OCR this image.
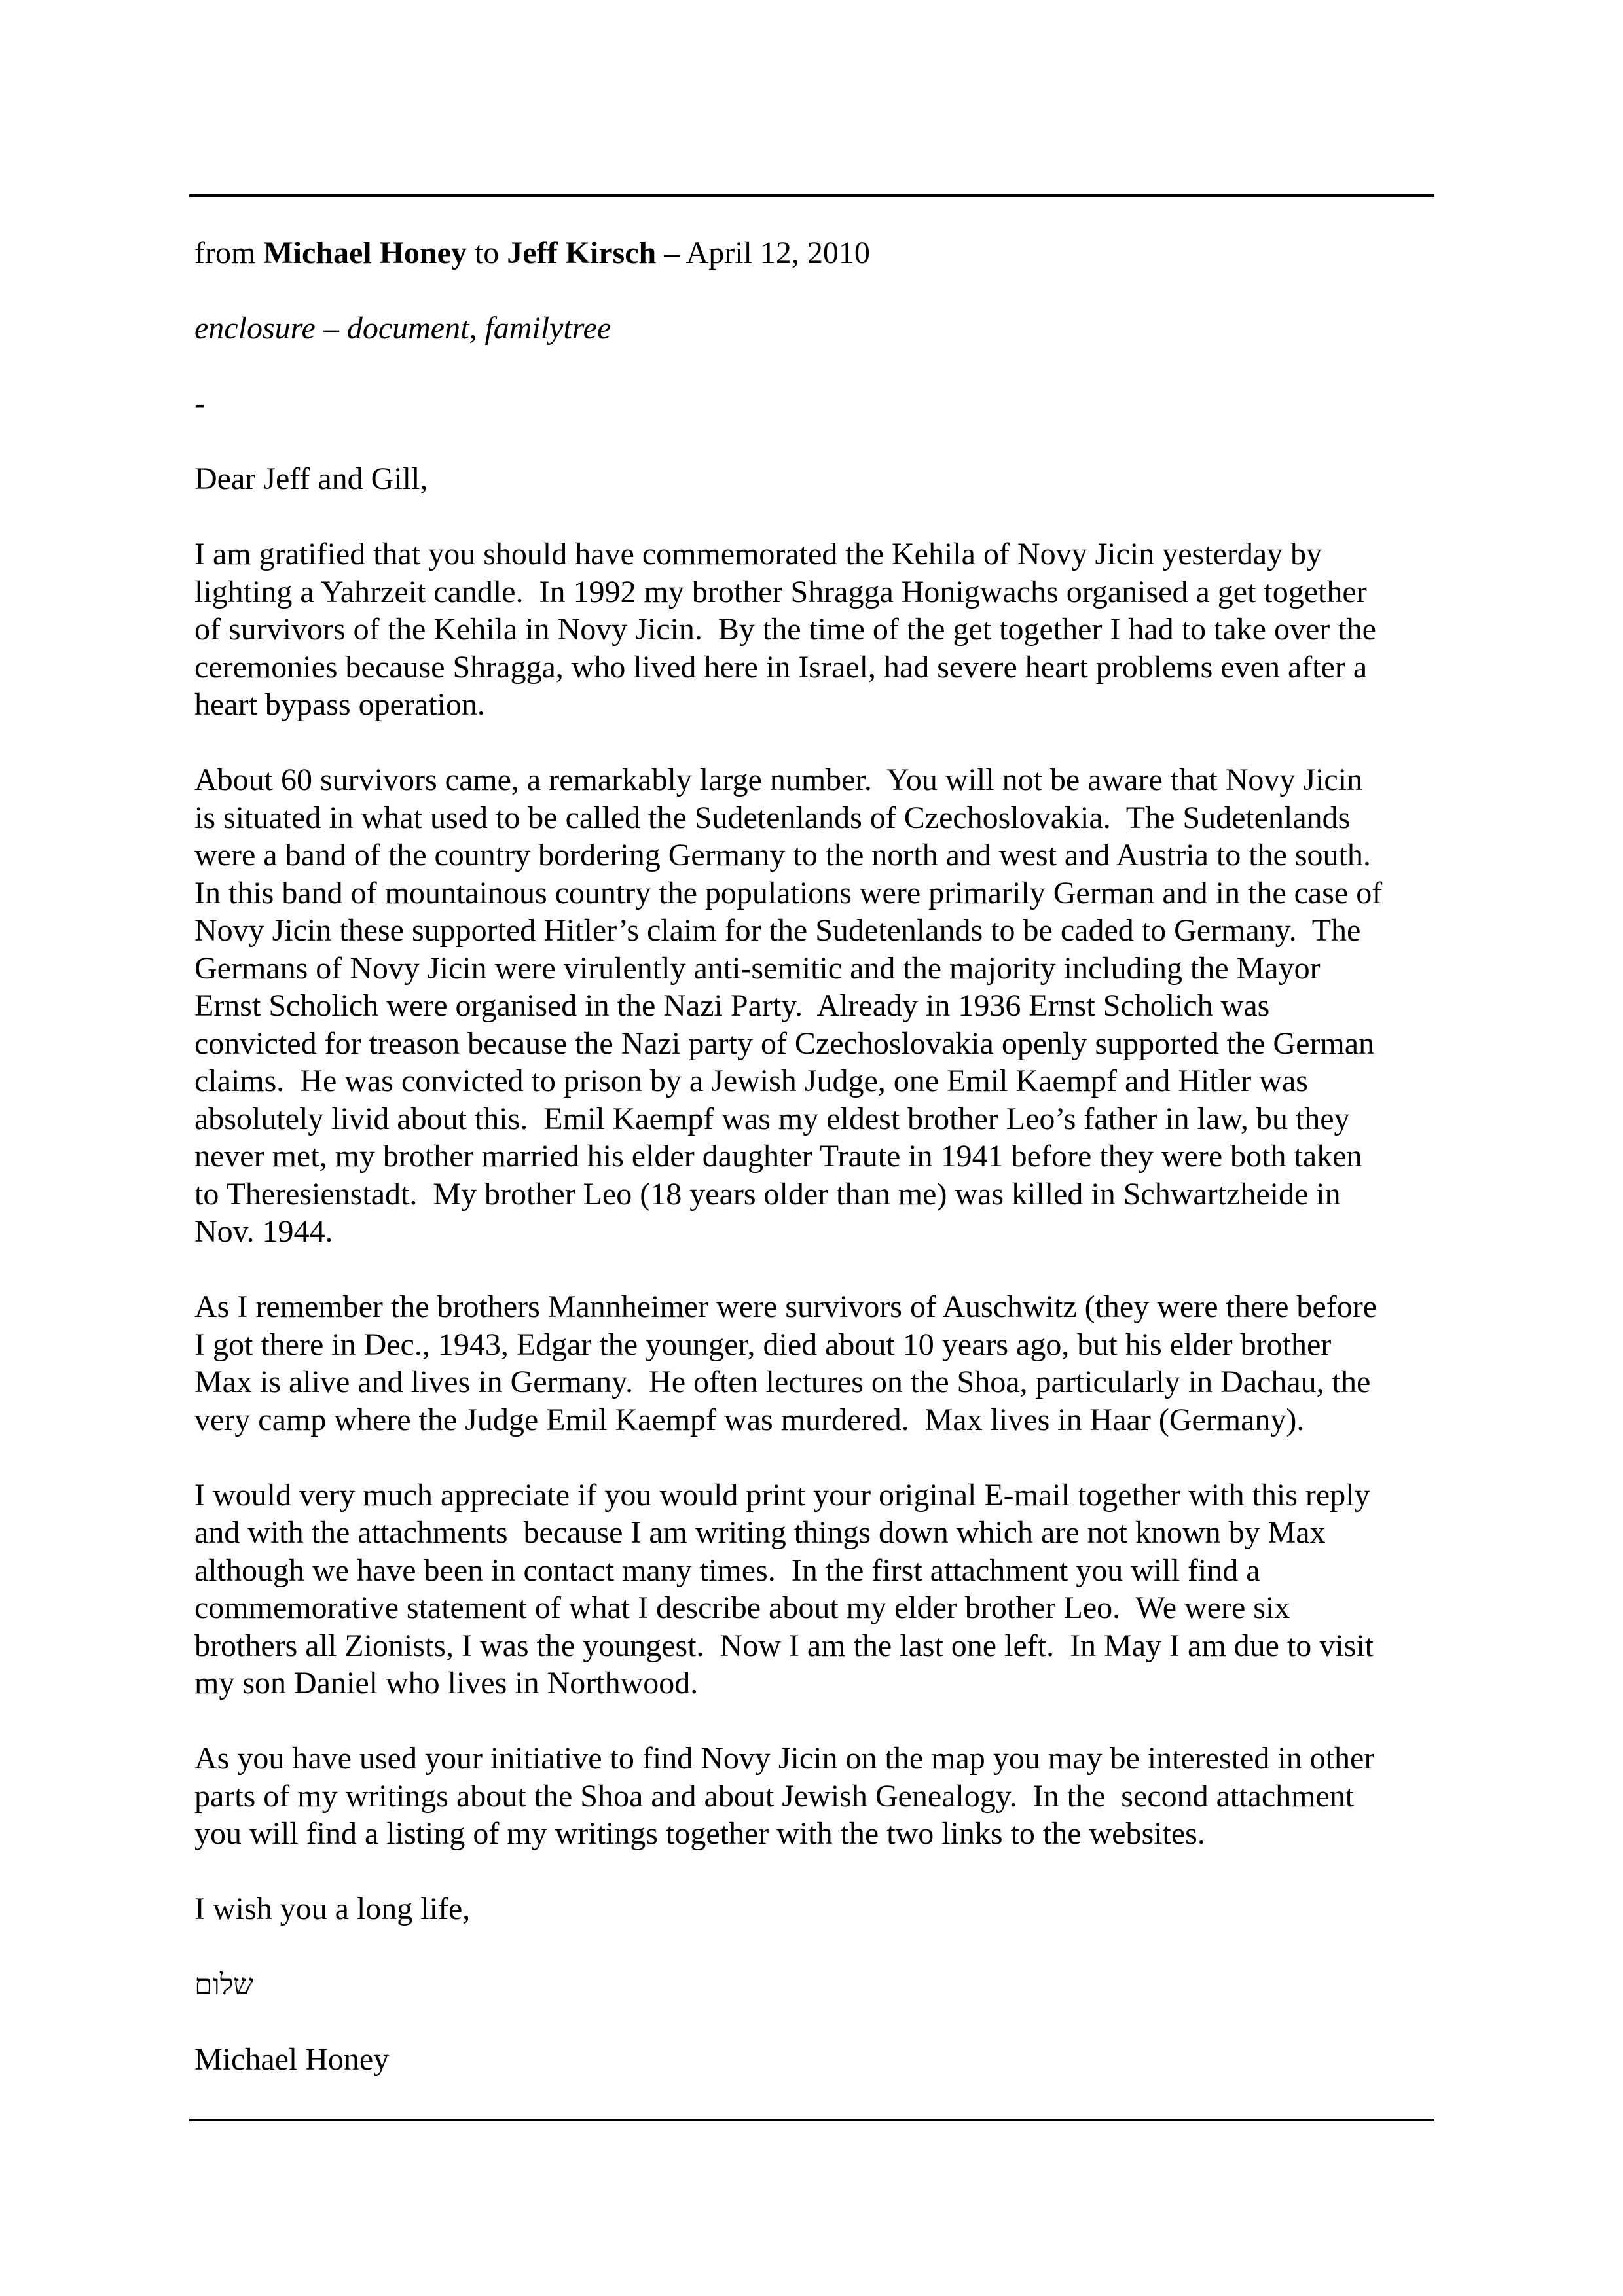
from Michael Honey to Jeff Kirsch – April 12, 2010
enclosure – document, familytree
-
Dear Jeff and Gill,
I am gratified that you should have commemorated the Kehila of Novy Jicin yesterday by
lighting a Yahrzeit candle.  In 1992 my brother Shragga Honigwachs organised a get together
of survivors of the Kehila in Novy Jicin.  By the time of the get together I had to take over the
ceremonies because Shragga, who lived here in Israel, had severe heart problems even after a
heart bypass operation.
About 60 survivors came, a remarkably large number.  You will not be aware that Novy Jicin
is situated in what used to be called the Sudetenlands of Czechoslovakia.  The Sudetenlands
were a band of the country bordering Germany to the north and west and Austria to the south.
In this band of mountainous country the populations were primarily German and in the case of
Novy Jicin these supported Hitler’s claim for the Sudetenlands to be caded to Germany.  The
Germans of Novy Jicin were virulently anti-semitic and the majority including the Mayor
Ernst Scholich were organised in the Nazi Party.  Already in 1936 Ernst Scholich was
convicted for treason because the Nazi party of Czechoslovakia openly supported the German
claims.  He was convicted to prison by a Jewish Judge, one Emil Kaempf and Hitler was
absolutely livid about this.  Emil Kaempf was my eldest brother Leo’s father in law, bu they
never met, my brother married his elder daughter Traute in 1941 before they were both taken
to Theresienstadt.  My brother Leo (18 years older than me) was killed in Schwartzheide in
Nov. 1944.
As I remember the brothers Mannheimer were survivors of Auschwitz (they were there before
I got there in Dec., 1943, Edgar the younger, died about 10 years ago, but his elder brother
Max is alive and lives in Germany.  He often lectures on the Shoa, particularly in Dachau, the
very camp where the Judge Emil Kaempf was murdered.  Max lives in Haar (Germany).
I would very much appreciate if you would print your original E-mail together with this reply
and with the attachments  because I am writing things down which are not known by Max
although we have been in contact many times.  In the first attachment you will find a
commemorative statement of what I describe about my elder brother Leo.  We were six
brothers all Zionists, I was the youngest.  Now I am the last one left.  In May I am due to visit
my son Daniel who lives in Northwood.
As you have used your initiative to find Novy Jicin on the map you may be interested in other
parts of my writings about the Shoa and about Jewish Genealogy.  In the  second attachment
you will find a listing of my writings together with the two links to the websites.
I wish you a long life,
שלום
Michael Honey
